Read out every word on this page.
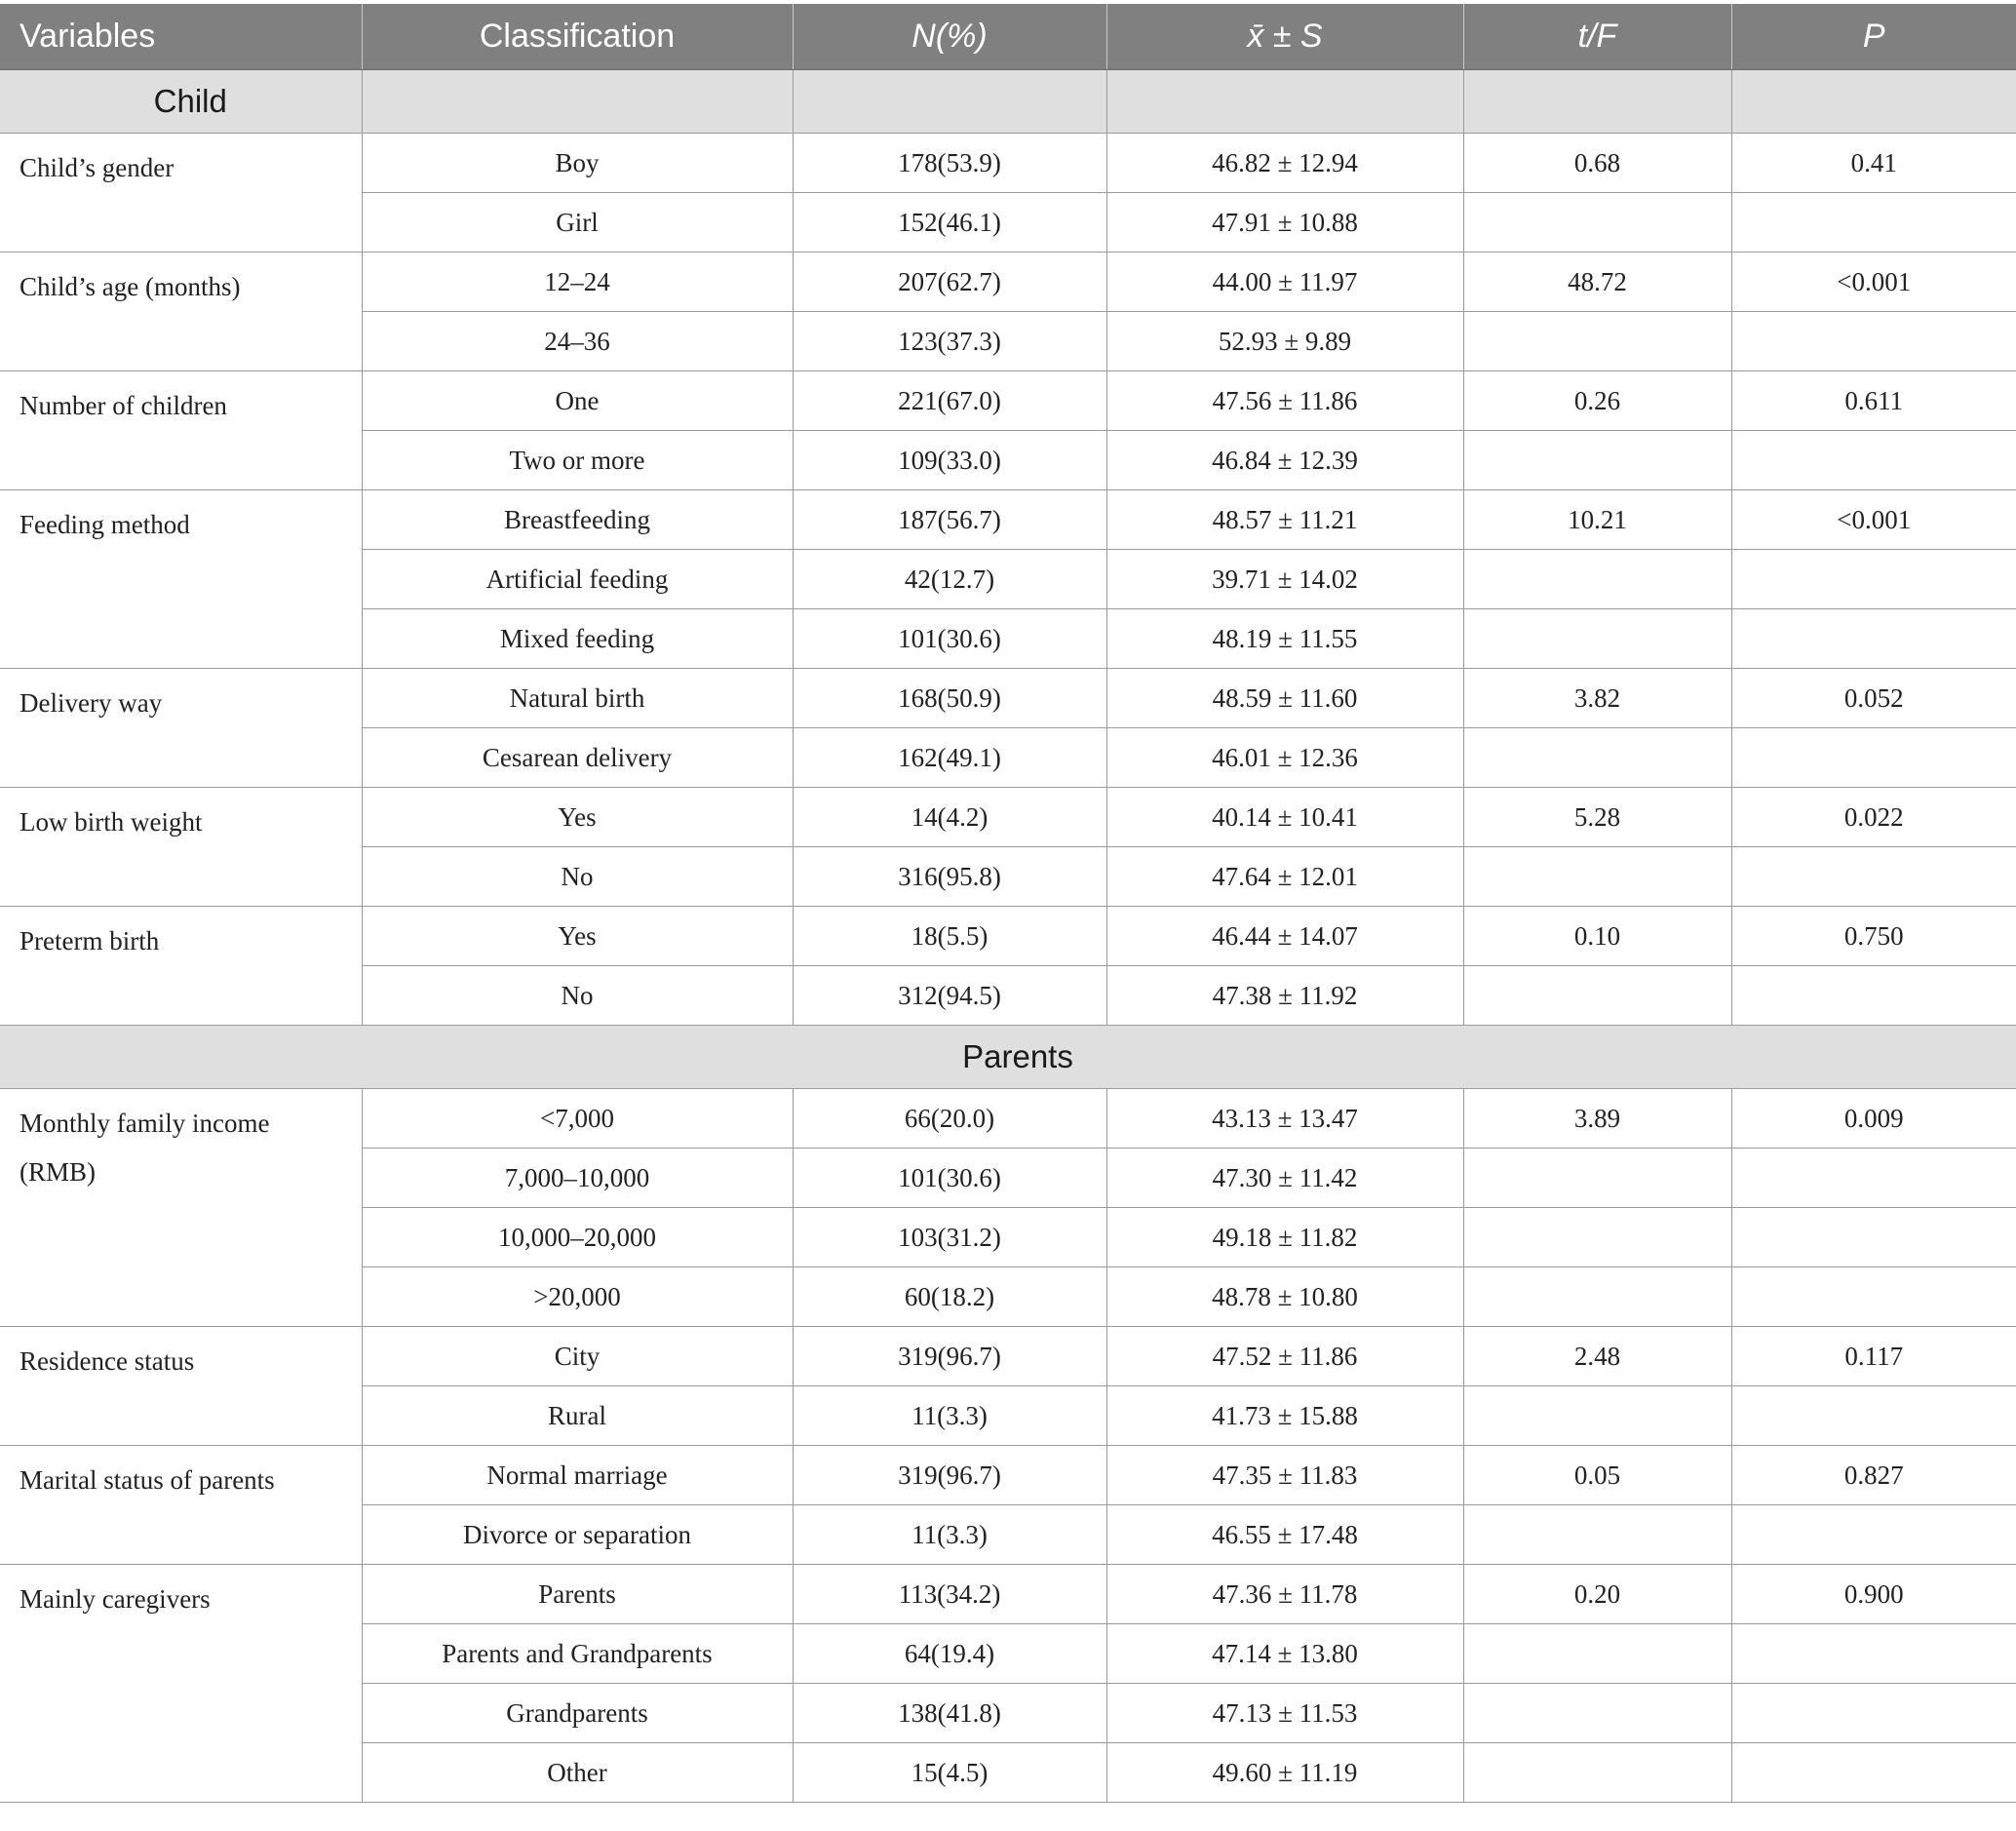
Variables	Classification	N(%)	x̄ ± S	t/F	P
Child					

Child’s gender	Boy	178(53.9)	46.82 ± 12.94	0.68	0.41
	Girl	152(46.1)	47.91 ± 10.88		

Child’s age (months)	12–24	207(62.7)	44.00 ± 11.97	48.72	<0.001
	24–36	123(37.3)	52.93 ± 9.89		

Number of children	One	221(67.0)	47.56 ± 11.86	0.26	0.611
	Two or more	109(33.0)	46.84 ± 12.39		

Feeding method	Breastfeeding	187(56.7)	48.57 ± 11.21	10.21	<0.001
	Artificial feeding	42(12.7)	39.71 ± 14.02		
	Mixed feeding	101(30.6)	48.19 ± 11.55		

Delivery way	Natural birth	168(50.9)	48.59 ± 11.60	3.82	0.052
	Cesarean delivery	162(49.1)	46.01 ± 12.36		

Low birth weight	Yes	14(4.2)	40.14 ± 10.41	5.28	0.022
	No	316(95.8)	47.64 ± 12.01		

Preterm birth	Yes	18(5.5)	46.44 ± 14.07	0.10	0.750
	No	312(94.5)	47.38 ± 11.92		
Parents					

Monthly family income (RMB)	<7,000	66(20.0)	43.13 ± 13.47	3.89	0.009
	7,000–10,000	101(30.6)	47.30 ± 11.42		
	10,000–20,000	103(31.2)	49.18 ± 11.82		
	>20,000	60(18.2)	48.78 ± 10.80		

Residence status	City	319(96.7)	47.52 ± 11.86	2.48	0.117
	Rural	11(3.3)	41.73 ± 15.88		

Marital status of parents	Normal marriage	319(96.7)	47.35 ± 11.83	0.05	0.827
	Divorce or separation	11(3.3)	46.55 ± 17.48		

Mainly caregivers	Parents	113(34.2)	47.36 ± 11.78	0.20	0.900
	Parents and Grandparents	64(19.4)	47.14 ± 13.80		
	Grandparents	138(41.8)	47.13 ± 11.53		
	Other	15(4.5)	49.60 ± 11.19		
